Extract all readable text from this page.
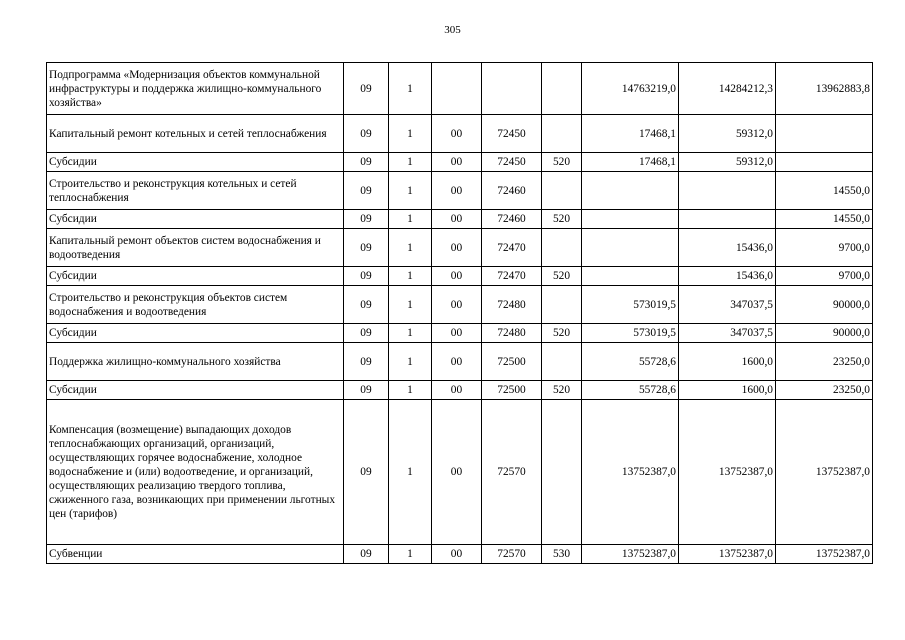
305
Подпрограмма «Модернизация объектов коммунальной инфраструктуры и поддержка жилищно-коммунального хозяйства»	09	1				14763219,0	14284212,3	13962883,8
Капитальный ремонт котельных и сетей теплоснабжения	09	1	00	72450		17468,1	59312,0	
Субсидии	09	1	00	72450	520	17468,1	59312,0	
Строительство и реконструкция котельных и сетей теплоснабжения	09	1	00	72460				14550,0
Субсидии	09	1	00	72460	520			14550,0
Капитальный ремонт объектов систем водоснабжения и водоотведения	09	1	00	72470			15436,0	9700,0
Субсидии	09	1	00	72470	520		15436,0	9700,0
Строительство и реконструкция объектов систем водоснабжения и водоотведения	09	1	00	72480		573019,5	347037,5	90000,0
Субсидии	09	1	00	72480	520	573019,5	347037,5	90000,0
Поддержка жилищно-коммунального хозяйства	09	1	00	72500		55728,6	1600,0	23250,0
Субсидии	09	1	00	72500	520	55728,6	1600,0	23250,0
Компенсация (возмещение) выпадающих доходов теплоснабжающих организаций, организаций, осуществляющих горячее водоснабжение, холодное водоснабжение и (или) водоотведение, и организаций, осуществляющих реализацию твердого топлива, сжиженного газа, возникающих при применении льготных цен (тарифов)	09	1	00	72570		13752387,0	13752387,0	13752387,0
Субвенции	09	1	00	72570	530	13752387,0	13752387,0	13752387,0
